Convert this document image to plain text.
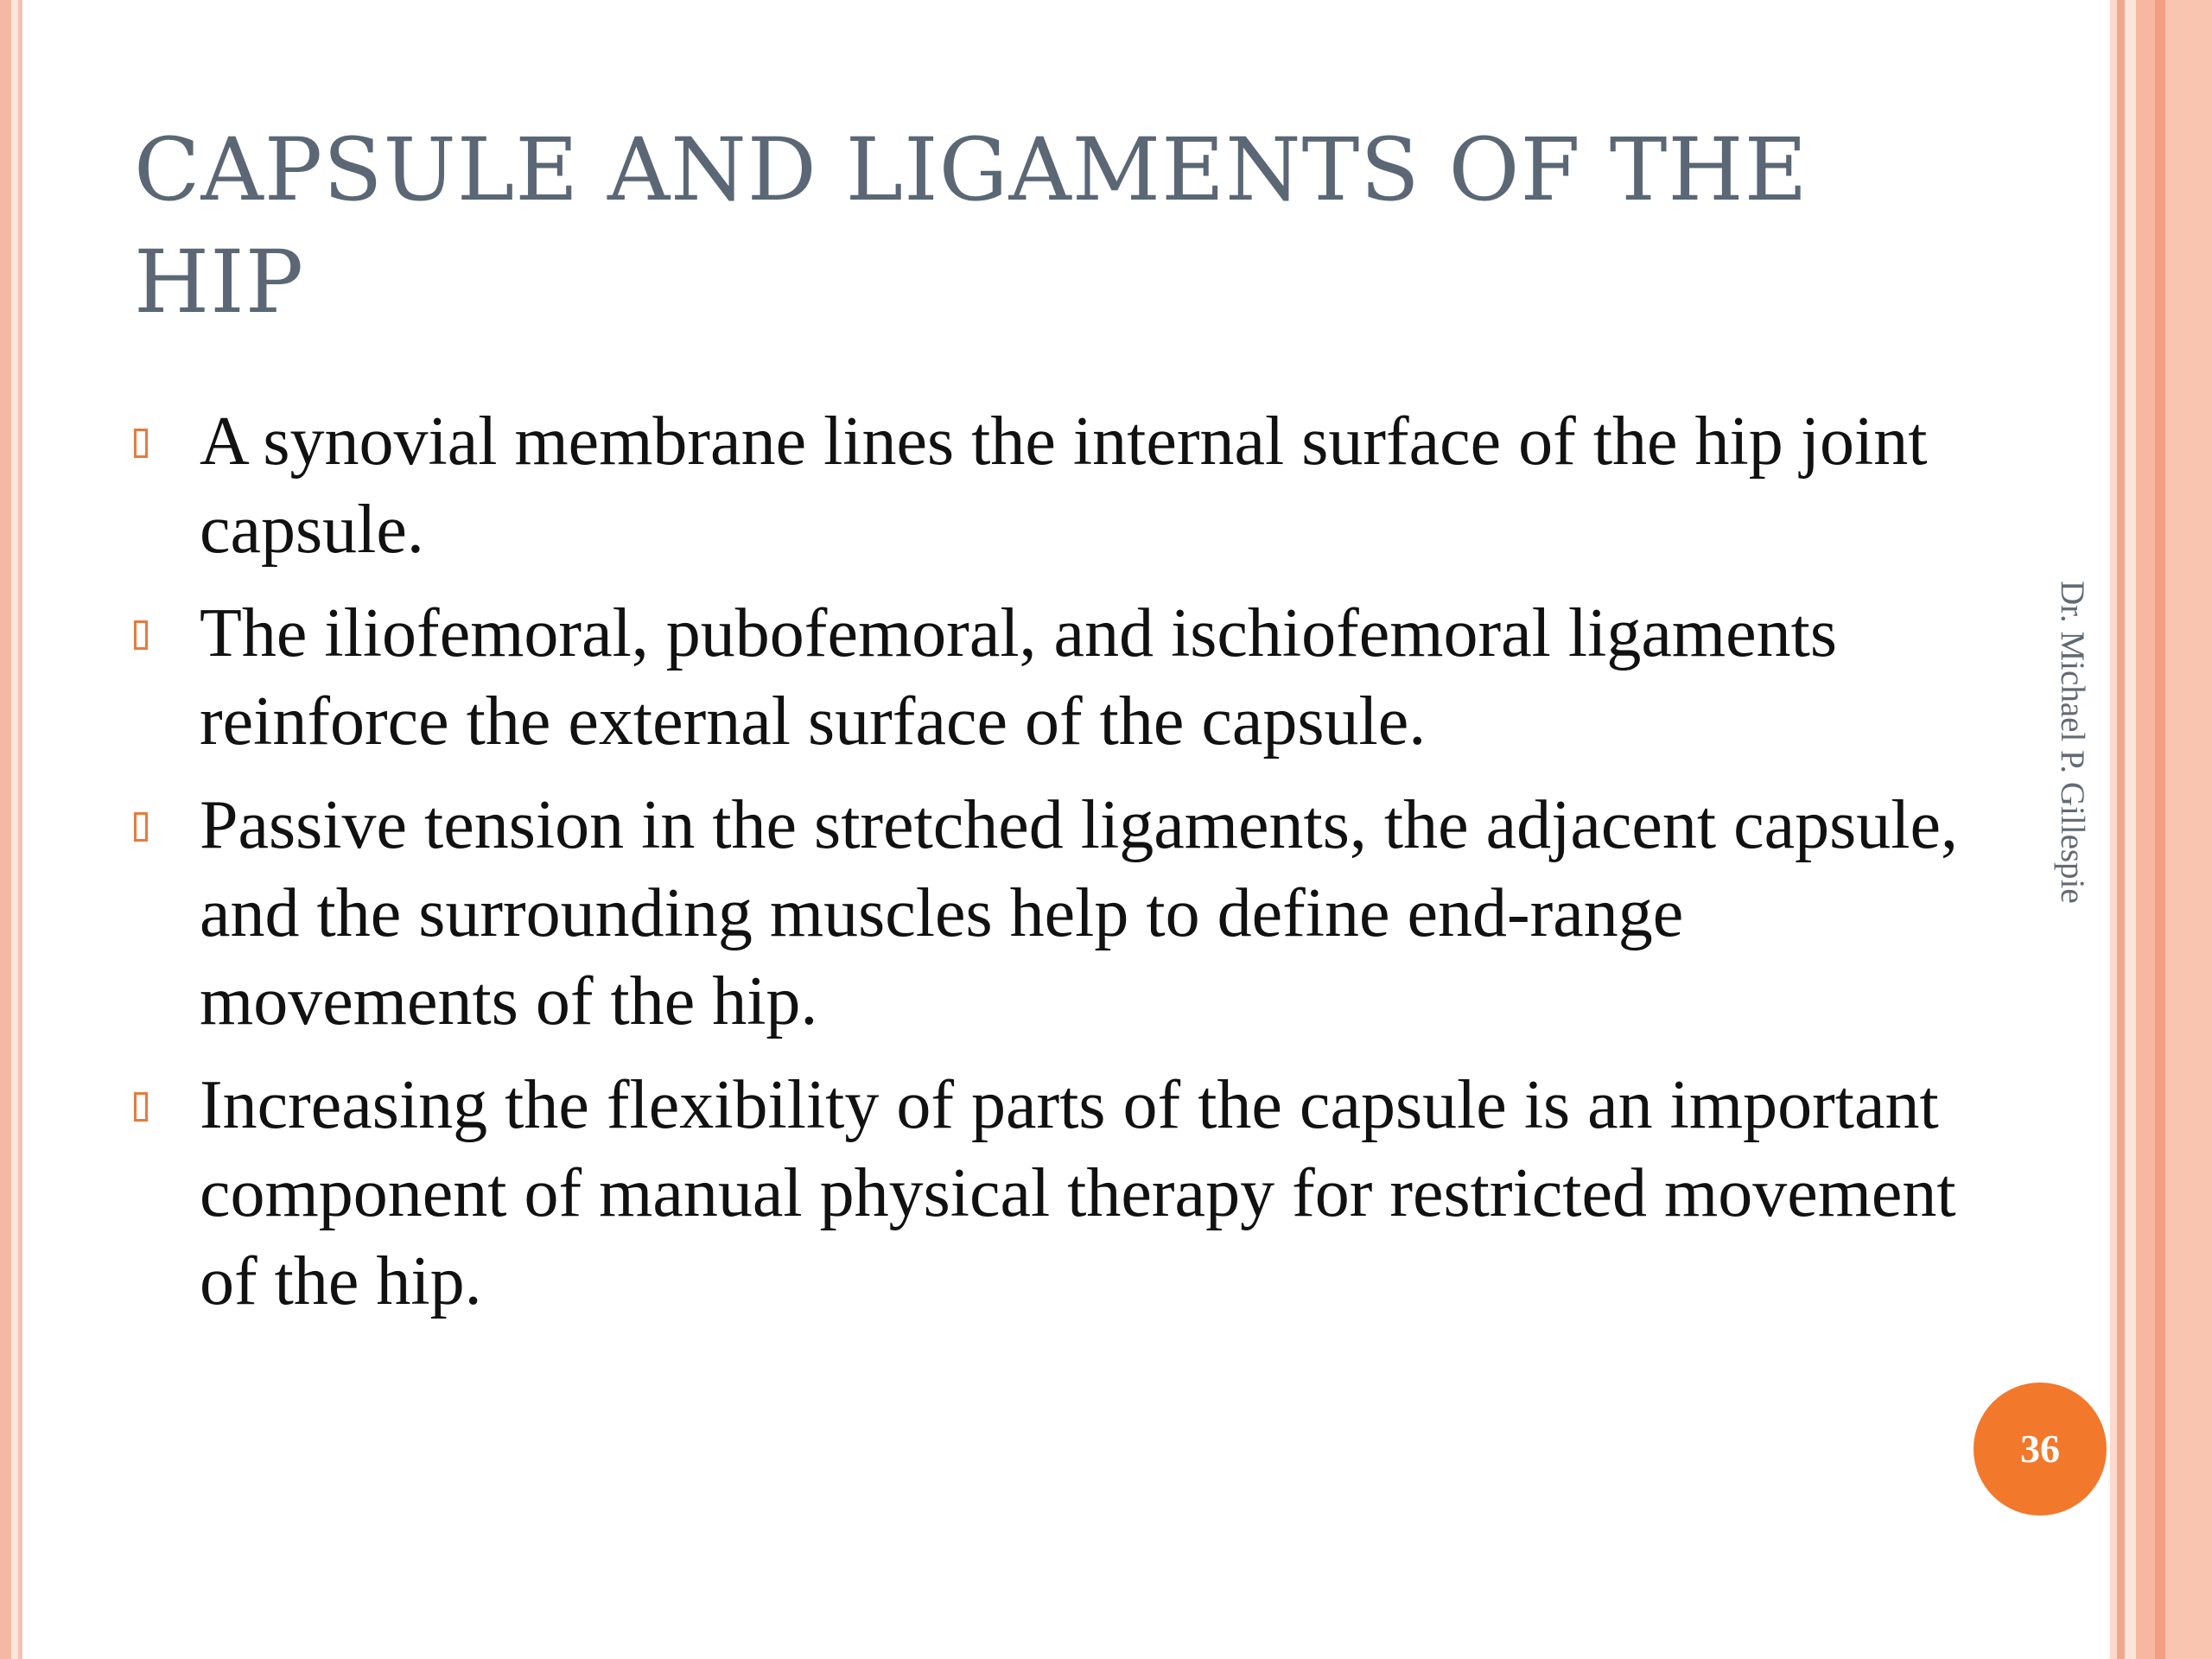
CAPSULE AND LIGAMENTS OF THE HIP
A synovial membrane lines the internal surface of the hip joint capsule.
The iliofemoral, pubofemoral, and ischiofemoral ligaments reinforce the external surface of the capsule.
Passive tension in the stretched ligaments, the adjacent capsule, and the surrounding muscles help to define end-range movements of the hip.
Increasing the flexibility of parts of the capsule is an important component of manual physical therapy for restricted movement of the hip.
Dr. Michael P. Gillespie
36
